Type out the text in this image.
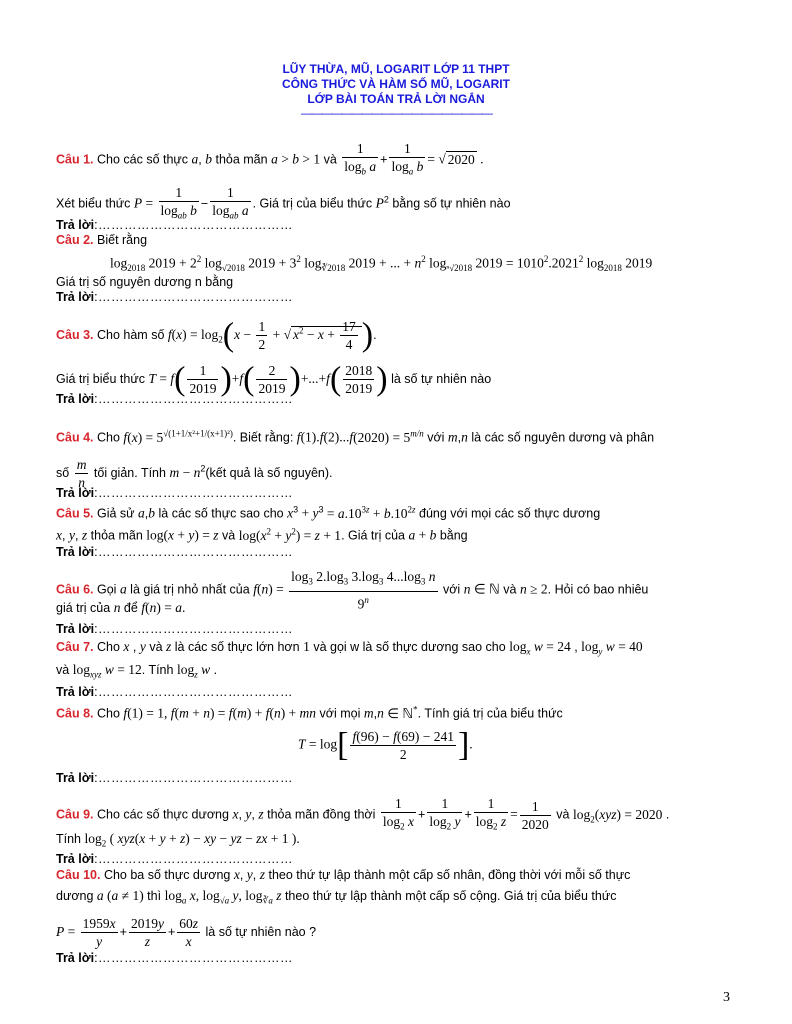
LŨY THỪA, MŨ, LOGARIT LỚP 11 THPT
CÔNG THỨC VÀ HÀM SỐ MŨ, LOGARIT
LỚP BÀI TOÁN TRẢ LỜI NGẮN
———————————————————
Câu 1. Cho các số thực a, b thỏa mãn a > b > 1 và $\frac{1}{\log_b a} + \frac{1}{\log_a b}$ = √ 2020 .
Xét biểu thức $P = \frac{1}{\log_{ab} b} - \frac{1}{\log_{ab} a}$ . Giá trị của biểu thức $P^2$ bằng số tự nhiên nào
Trả lời:………………………………………
Câu 2. Biết rằng
$\log_{2018} 2019 + 2^2$ $\log_{√2018} 2019 + 3^2$ $\log_{∛2018} 2019$ + ... + $n^2$ $\log_{^n√2018} 2019 = 1010^2.2021^2$ $\log_{2018} 2019$
Giá trị số nguyên dương n bằng
Trả lời:………………………………………
Câu 3. Cho hàm số $f(x) = \log_2(x - \frac{1}{2}$ + √ $x^2 - x + \frac{17}{4}$ ).
Giá trị biểu thức $T = f( \frac{1}{2019} )+f( \frac{2}{2019} )+...+f( \frac{2018}{2019}$ ) là số tự nhiên nào
Trả lời:………………………………………
Câu 4. Cho $f(x) = 5^{√(1+1/x^2+1/(x+1)^2)}$. Biết rằng: $f(1).f(2)...f(2020) = 5^{m/n}$ với m,n là các số nguyên dương và phân
số $\frac{m}{n}$ tối giản. Tính $m - n^2(kết$ quả là số nguyên).
Trả lời:………………………………………
Câu 5. Giả sử a,b là các số thực sao cho $x^3 + y^3 = a.10^{3z} + b.10^{2z}$ đúng với mọi các số thực dương
x, y, z thỏa mãn log(x + y) = z và $\log(x^2 + y^2) = z + 1$. Giá trị của a + b bằng
Trả lời:………………………………………
Câu 6. Gọi a là giá trị nhỏ nhất của $f(n) = \frac{\log_3 2.\log_3 3.\log_3 4...\log_3 n}{9^n}$ với n ∈ ℕ và n ≥ 2. Hỏi có bao nhiêu
giá trị của n để f(n) = a.
Trả lời:………………………………………
Câu 7. Cho x , y và z là các số thực lớn hơn 1 và gọi w là số thực dương sao cho $\log_x w = 24$ , $\log_y w = 40$
và $\log_{xyz} w = 12$. Tính $\log_z w$ .
Trả lời:………………………………………
Câu 8. Cho f(1) = 1, f(m + n) = f(m) + f(n) + mn với mọi m,n ∈ ℕ*. Tính giá trị của biểu thức
$T = \log[ \frac{f(96) - f(69) - 241}{2}$ ].
Trả lời:………………………………………
Câu 9. Cho các số thực dương x, y, z thỏa mãn đồng thời $\frac{1}{\log_2 x} + \frac{1}{\log_2 y} + \frac{1}{\log_2 z} = \frac{1}{2020}$ và $\log_2(xyz) = 2020$ .
Tính $\log_2$ ( xyz(x + y + z) − xy − yz − zx + 1 ).
Trả lời:………………………………………
Câu 10. Cho ba số thực dương x, y, z theo thứ tự lập thành một cấp số nhân, đồng thời với mỗi số thực
dương a (a ≠ 1) thì $\log_a x$, $\log_{√a} y$, $\log_{∛a} z$ theo thứ tự lập thành một cấp số cộng. Giá trị của biểu thức
$P = \frac{1959x}{y} + \frac{2019y}{z} + \frac{60z}{x}$ là số tự nhiên nào ?
Trả lời:………………………………………
3
